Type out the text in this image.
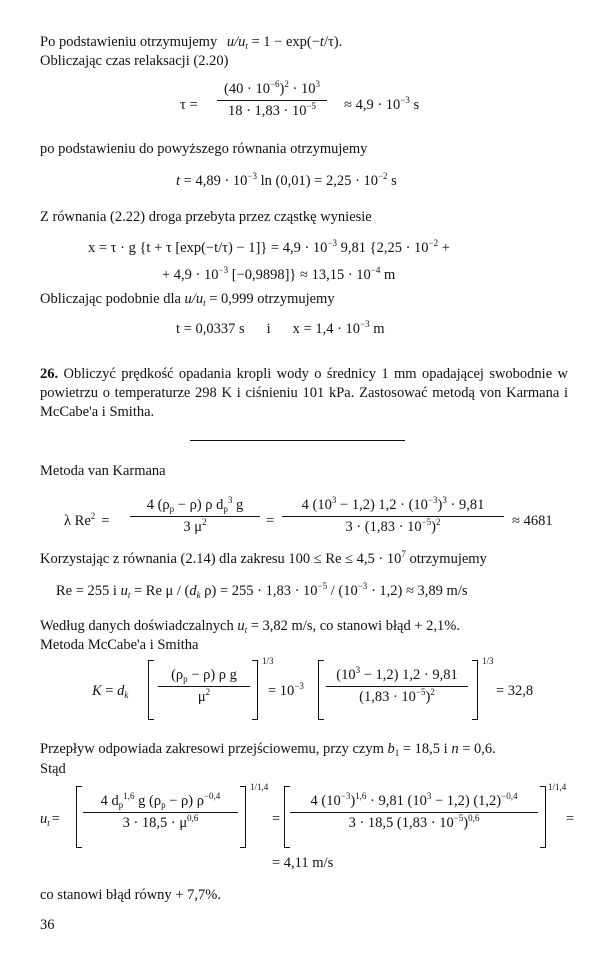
Po podstawieniu otrzymujemy $u/u_t = 1 - \exp(-t/\tau)$.
Obliczając czas relaksacji (2.20)
τ =
$(40 \cdot 10^{-6})^2 \cdot 10^3$
$18 \cdot 1,83 \cdot 10^{-5}$	≈ $4,9 \cdot 10^{-3}$ s
po podstawieniu do powyższego równania otrzymujemy
$t = 4,89 \cdot 10^{-3}$ $\ln (0,01) = 2,25 \cdot 10^{-2}$ s
Z równania (2.22) droga przebyta przez cząstkę wyniesie
x = τ · g {t + τ $[\exp(-t/\tau) - 1]\} = 4,9 \cdot 10^{-3}$ 9,81 {$2,25 \cdot 10^{-2}$ +
+ $4,9 \cdot 10^{-3}$ $[-0,9898]\} \approx 13,15 \cdot 10^{-4}$ m
Obliczając podobnie dla $u/u_t = 0,999$ otrzymujemy
t = 0,0337 s i $x = 1,4 \cdot 10^{-3}$ m
26. Obliczyć prędkość opadania kropli wody o średnicy 1 mm opadającej swobodnie w powietrzu o temperaturze 298 K i ciśnieniu 101 kPa. Zastosować metodą von Karmana i McCabe'a i Smitha.
Metoda van Karmana
λ $Re^2$ =
4 $(\rho_p - \rho)$ ρ $d_p^3$ g
3 $\mu^2$	=
4 $(10^3 - 1,2) 1,2 \cdot (10^{-3})^3 \cdot 9,81$
$3 \cdot (1,83 \cdot 10^{-5})^2$	≈ 4681
Korzystając z równania (2.14) dla zakresu $100 \le Re \le 4,5 \cdot 10^7$ otrzymujemy
Re = 255 i $u_t = Re$ μ / ($d_k$ $\rho) = 255 \cdot 1,83 \cdot 10^{-5} / (10^{-3} \cdot 1,2) \approx 3,89$ m/s
Według danych doświadczalnych $u_t = 3,82$ m/s, co stanowi błąd + 2,1%.
Metoda McCabe'a i Smitha
$K = d_k$
$(\rho_p - \rho)$ ρ g
$\mu^2$
1/3
= $10^{-3}$
$(10^3 - 1,2) 1,2 \cdot 9,81$
$(1,83 \cdot 10^{-5})^2$
1/3
= 32,8
Przepływ odpowiada zakresowi przejściowemu, przy czym $b_1 = 18,5$ i n = 0,6.
Stąd
$u_t$ =
4 $d_p^{1,6}$ g $(\rho_p - \rho)$ $\rho^{-0,4}$
$3 \cdot 18,5 \cdot \mu^{0,6}$
1/1,4
=
4 $(10^{-3})^{1,6} \cdot 9,81$ $(10^3 - 1,2)$ $(1,2)^{-0,4}$
3 · 18,5 $(1,83 \cdot 10^{-5})^{0,6}$
1/1,4
=
= 4,11 m/s
co stanowi błąd równy + 7,7%.
36
